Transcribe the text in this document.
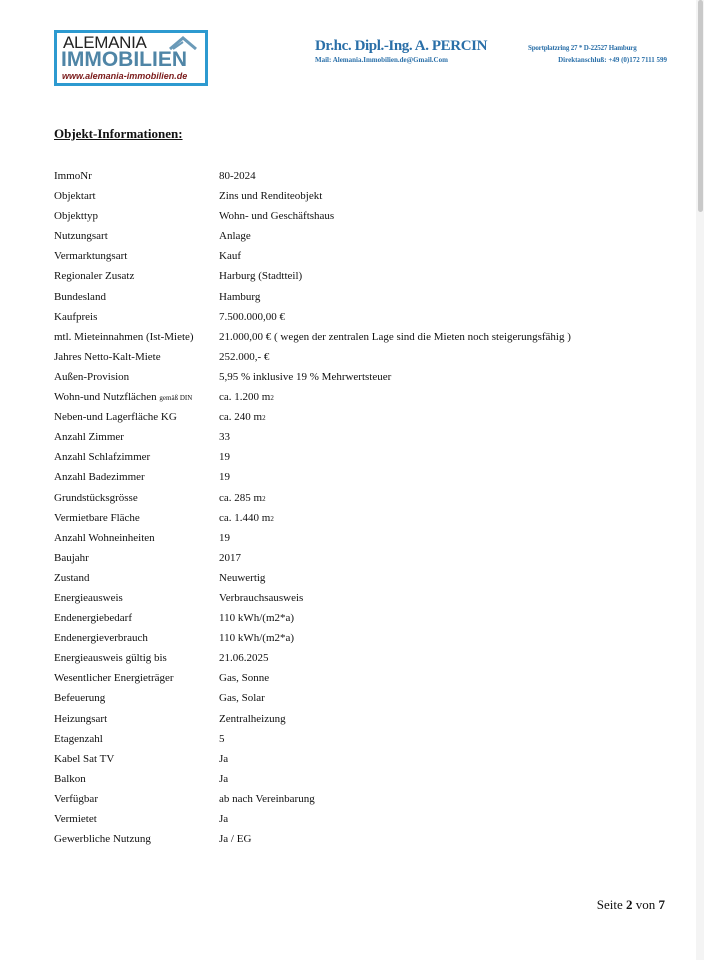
ALEMANIA
IMMOBILIEN
www.alemania-immobilien.de
Dr.hc. Dipl.-Ing. A. PERCIN
Mail: Alemania.Immobilien.de@Gmail.Com
Sportplatzring 27 * D-22527 Hamburg
Direktanschluß: +49 (0)172 7111 599
Objekt-Informationen:
ImmoNr	80-2024
Objektart	Zins und Renditeobjekt
Objekttyp	Wohn- und Geschäftshaus
Nutzungsart	Anlage
Vermarktungsart	Kauf
Regionaler Zusatz	Harburg (Stadtteil)
Bundesland	Hamburg
Kaufpreis	7.500.000,00 €
mtl. Mieteinnahmen (Ist-Miete) 21.000,00 € ( wegen der zentralen Lage sind die Mieten noch steigerungsfähig )
Jahres Netto-Kalt-Miete	252.000,- €
Außen-Provision	5,95 % inklusive 19 % Mehrwertsteuer
Wohn-und Nutzflächen gemäß DIN ca. 1.200 m2
Neben-und Lagerfläche KG	ca. 240 m2
Anzahl Zimmer	33
Anzahl Schlafzimmer	19
Anzahl Badezimmer	19
Grundstücksgrösse	ca. 285 m2
Vermietbare Fläche	ca. 1.440 m2
Anzahl Wohneinheiten	19
Baujahr	2017
Zustand	Neuwertig
Energieausweis	Verbrauchsausweis
Endenergiebedarf	110 kWh/(m2*a)
Endenergieverbrauch	110 kWh/(m2*a)
Energieausweis gültig bis	21.06.2025
Wesentlicher Energieträger	Gas, Sonne
Befeuerung	Gas, Solar
Heizungsart	Zentralheizung
Etagenzahl	5
Kabel Sat TV	Ja
Balkon	Ja
Verfügbar	ab nach Vereinbarung
Vermietet	Ja
Gewerbliche Nutzung	Ja / EG
Seite 2 von 7
